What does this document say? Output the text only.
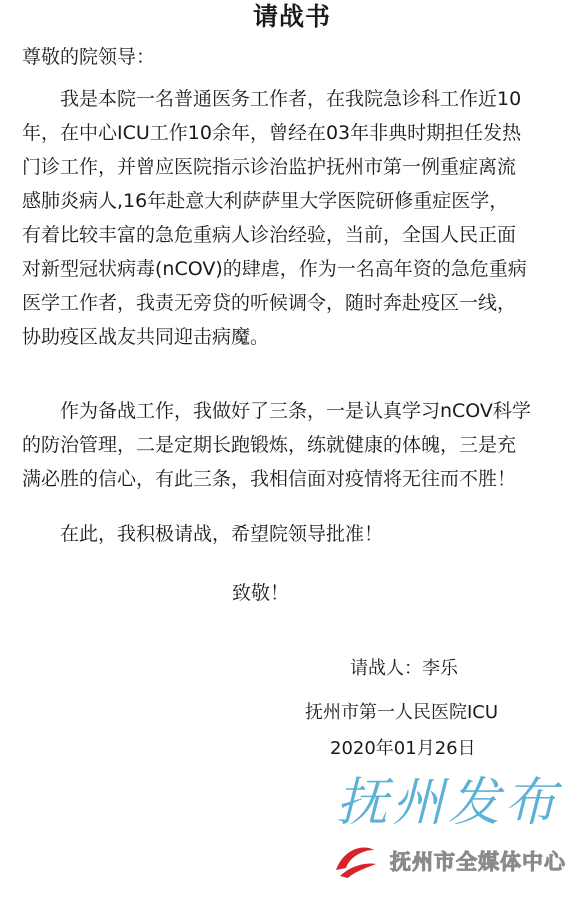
请战书
尊敬的院领导：
我是本院一名普通医务工作者，在我院急诊科工作近10
年，在中心ICU工作10余年，曾经在03年非典时期担任发热
门诊工作，并曾应医院指示诊治监护抚州市第一例重症离流
感肺炎病人,16年赴意大利萨萨里大学医院研修重症医学，
有着比较丰富的急危重病人诊治经验，当前，全国人民正面
对新型冠状病毒(nCOV)的肆虐，作为一名高年资的急危重病
医学工作者，我责无旁贷的听候调令，随时奔赴疫区一线，
协助疫区战友共同迎击病魔。
作为备战工作，我做好了三条，一是认真学习nCOV科学
的防治管理，二是定期长跑锻炼，练就健康的体魄，三是充
满必胜的信心，有此三条，我相信面对疫情将无往而不胜！
在此，我积极请战，希望院领导批准！
致敬！
请战人：李乐
抚州市第一人民医院ICU
2020年01月26日
抚州发布
抚州市全媒体中心
